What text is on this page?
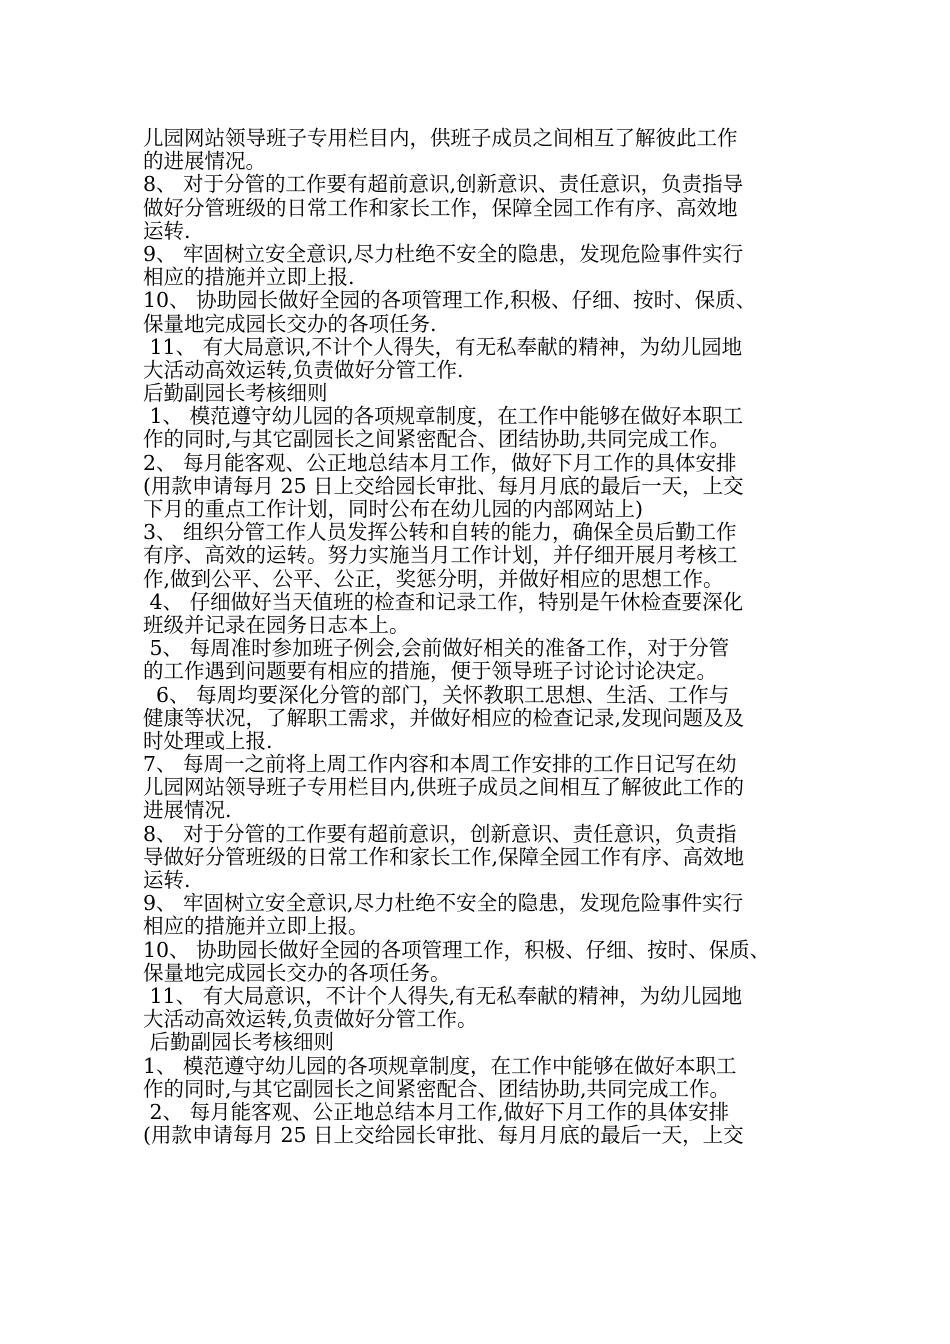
儿园网站领导班子专用栏目内，供班子成员之间相互了解彼此工作
的进展情况。
8、 对于分管的工作要有超前意识,创新意识、责任意识，负责指导
做好分管班级的日常工作和家长工作，保障全园工作有序、高效地
运转.
9、 牢固树立安全意识,尽力杜绝不安全的隐患，发现危险事件实行
相应的措施并立即上报.
10、 协助园长做好全园的各项管理工作,积极、仔细、按时、保质、
保量地完成园长交办的各项任务.
11、 有大局意识,不计个人得失，有无私奉献的精神，为幼儿园地
大活动高效运转,负责做好分管工作.
后勤副园长考核细则
1、 模范遵守幼儿园的各项规章制度，在工作中能够在做好本职工
作的同时,与其它副园长之间紧密配合、团结协助,共同完成工作。
2、 每月能客观、公正地总结本月工作，做好下月工作的具体安排
(用款申请每月 25 日上交给园长审批、每月月底的最后一天，上交
下月的重点工作计划，同时公布在幼儿园的内部网站上)
3、 组织分管工作人员发挥公转和自转的能力，确保全员后勤工作
有序、高效的运转。努力实施当月工作计划，并仔细开展月考核工
作,做到公平、公平、公正，奖惩分明，并做好相应的思想工作。
4、 仔细做好当天值班的检查和记录工作，特别是午休检查要深化
班级并记录在园务日志本上。
5、 每周准时参加班子例会,会前做好相关的准备工作，对于分管
的工作遇到问题要有相应的措施，便于领导班子讨论讨论决定。
6、 每周均要深化分管的部门，关怀教职工思想、生活、工作与
健康等状况，了解职工需求，并做好相应的检查记录,发现问题及及
时处理或上报.
7、 每周一之前将上周工作内容和本周工作安排的工作日记写在幼
儿园网站领导班子专用栏目内,供班子成员之间相互了解彼此工作的
进展情况.
8、 对于分管的工作要有超前意识，创新意识、责任意识，负责指
导做好分管班级的日常工作和家长工作,保障全园工作有序、高效地
运转.
9、 牢固树立安全意识,尽力杜绝不安全的隐患，发现危险事件实行
相应的措施并立即上报。
10、 协助园长做好全园的各项管理工作，积极、仔细、按时、保质、
保量地完成园长交办的各项任务。
11、 有大局意识，不计个人得失,有无私奉献的精神，为幼儿园地
大活动高效运转,负责做好分管工作。
后勤副园长考核细则
1、 模范遵守幼儿园的各项规章制度，在工作中能够在做好本职工
作的同时,与其它副园长之间紧密配合、团结协助,共同完成工作。
2、 每月能客观、公正地总结本月工作,做好下月工作的具体安排
(用款申请每月 25 日上交给园长审批、每月月底的最后一天，上交
